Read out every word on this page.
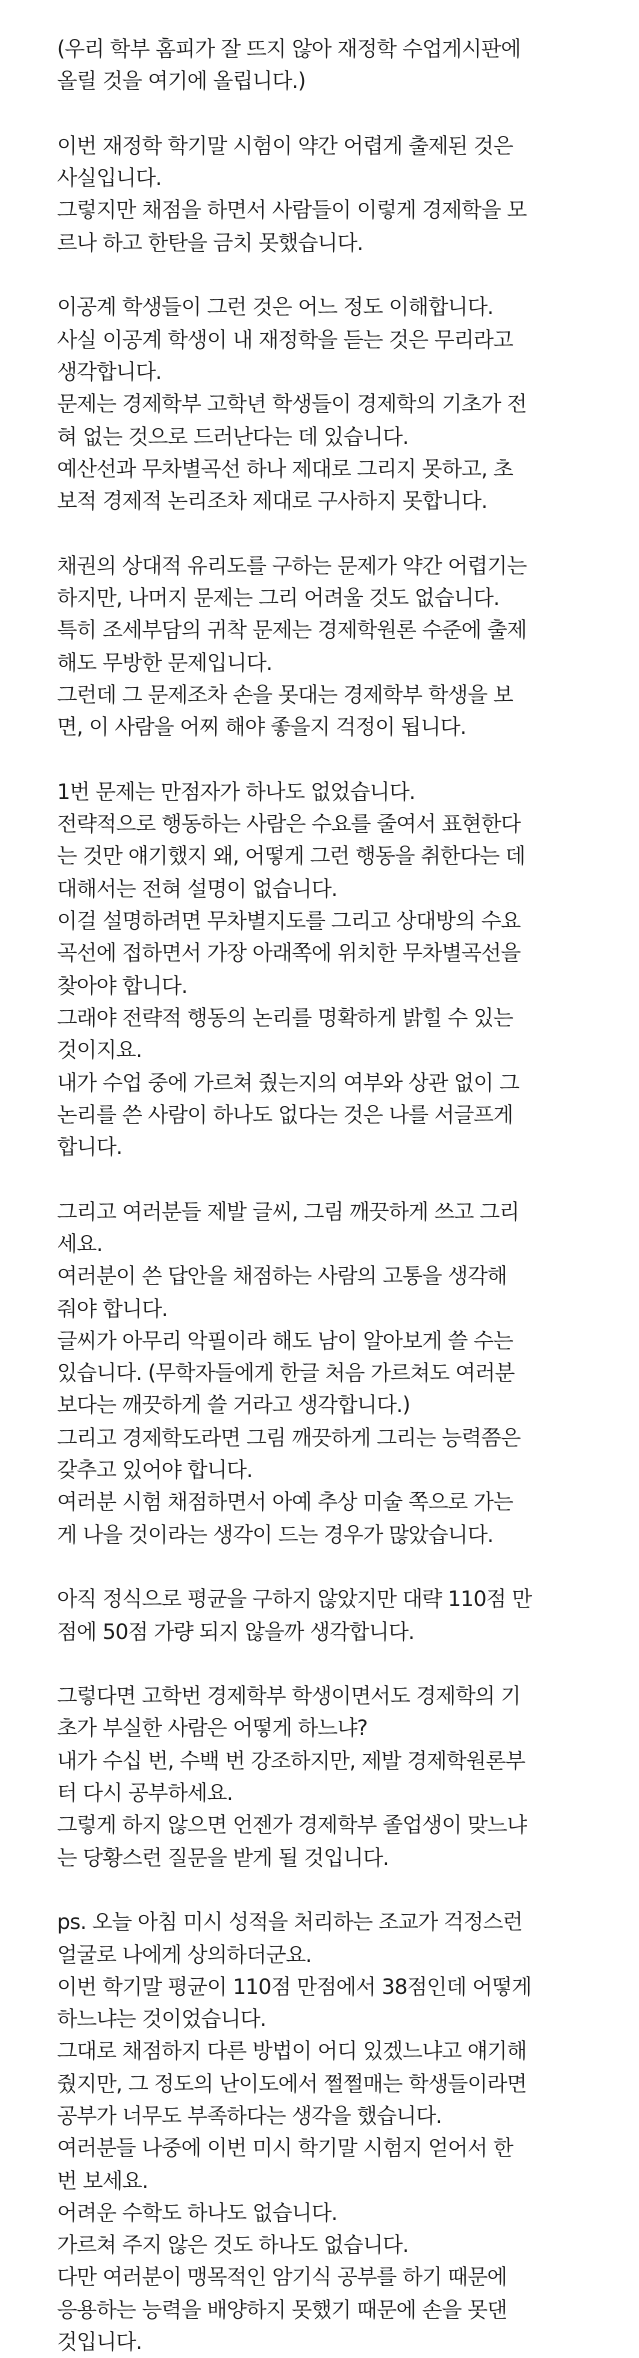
(우리 학부 홈피가 잘 뜨지 않아 재정학 수업게시판에
올릴 것을 여기에 올립니다.)

이번 재정학 학기말 시험이 약간 어렵게 출제된 것은
사실입니다.
그렇지만 채점을 하면서 사람들이 이렇게 경제학을 모
르나 하고 한탄을 금치 못했습니다.

이공계 학생들이 그런 것은 어느 정도 이해합니다.
사실 이공계 학생이 내 재정학을 듣는 것은 무리라고
생각합니다.
문제는 경제학부 고학년 학생들이 경제학의 기초가 전
혀 없는 것으로 드러난다는 데 있습니다.
예산선과 무차별곡선 하나 제대로 그리지 못하고, 초
보적 경제적 논리조차 제대로 구사하지 못합니다.

채권의 상대적 유리도를 구하는 문제가 약간 어렵기는
하지만, 나머지 문제는 그리 어려울 것도 없습니다.
특히 조세부담의 귀착 문제는 경제학원론 수준에 출제
해도 무방한 문제입니다.
그런데 그 문제조차 손을 못대는 경제학부 학생을 보
면, 이 사람을 어찌 해야 좋을지 걱정이 됩니다.

1번 문제는 만점자가 하나도 없었습니다.
전략적으로 행동하는 사람은 수요를 줄여서 표현한다
는 것만 얘기했지 왜, 어떻게 그런 행동을 취한다는 데
대해서는 전혀 설명이 없습니다.
이걸 설명하려면 무차별지도를 그리고 상대방의 수요
곡선에 접하면서 가장 아래쪽에 위치한 무차별곡선을
찾아야 합니다.
그래야 전략적 행동의 논리를 명확하게 밝힐 수 있는
것이지요.
내가 수업 중에 가르쳐 줬는지의 여부와 상관 없이 그
논리를 쓴 사람이 하나도 없다는 것은 나를 서글프게
합니다.

그리고 여러분들 제발 글씨, 그림 깨끗하게 쓰고 그리
세요.
여러분이 쓴 답안을 채점하는 사람의 고통을 생각해
줘야 합니다.
글씨가 아무리 악필이라 해도 남이 알아보게 쓸 수는
있습니다. (무학자들에게 한글 처음 가르쳐도 여러분
보다는 깨끗하게 쓸 거라고 생각합니다.)
그리고 경제학도라면 그림 깨끗하게 그리는 능력쯤은
갖추고 있어야 합니다.
여러분 시험 채점하면서 아예 추상 미술 쪽으로 가는
게 나을 것이라는 생각이 드는 경우가 많았습니다.

아직 정식으로 평균을 구하지 않았지만 대략 110점 만
점에 50점 가량 되지 않을까 생각합니다.

그렇다면 고학번 경제학부 학생이면서도 경제학의 기
초가 부실한 사람은 어떻게 하느냐?
내가 수십 번, 수백 번 강조하지만, 제발 경제학원론부
터 다시 공부하세요.
그렇게 하지 않으면 언젠가 경제학부 졸업생이 맞느냐
는 당황스런 질문을 받게 될 것입니다.

ps. 오늘 아침 미시 성적을 처리하는 조교가 걱정스런
얼굴로 나에게 상의하더군요.
이번 학기말 평균이 110점 만점에서 38점인데 어떻게
하느냐는 것이었습니다.
그대로 채점하지 다른 방법이 어디 있겠느냐고 얘기해
줬지만, 그 정도의 난이도에서 쩔쩔매는 학생들이라면
공부가 너무도 부족하다는 생각을 했습니다.
여러분들 나중에 이번 미시 학기말 시험지 얻어서 한
번 보세요.
어려운 수학도 하나도 없습니다.
가르쳐 주지 않은 것도 하나도 없습니다.
다만 여러분이 맹목적인 암기식 공부를 하기 때문에
응용하는 능력을 배양하지 못했기 때문에 손을 못댄
것입니다.
